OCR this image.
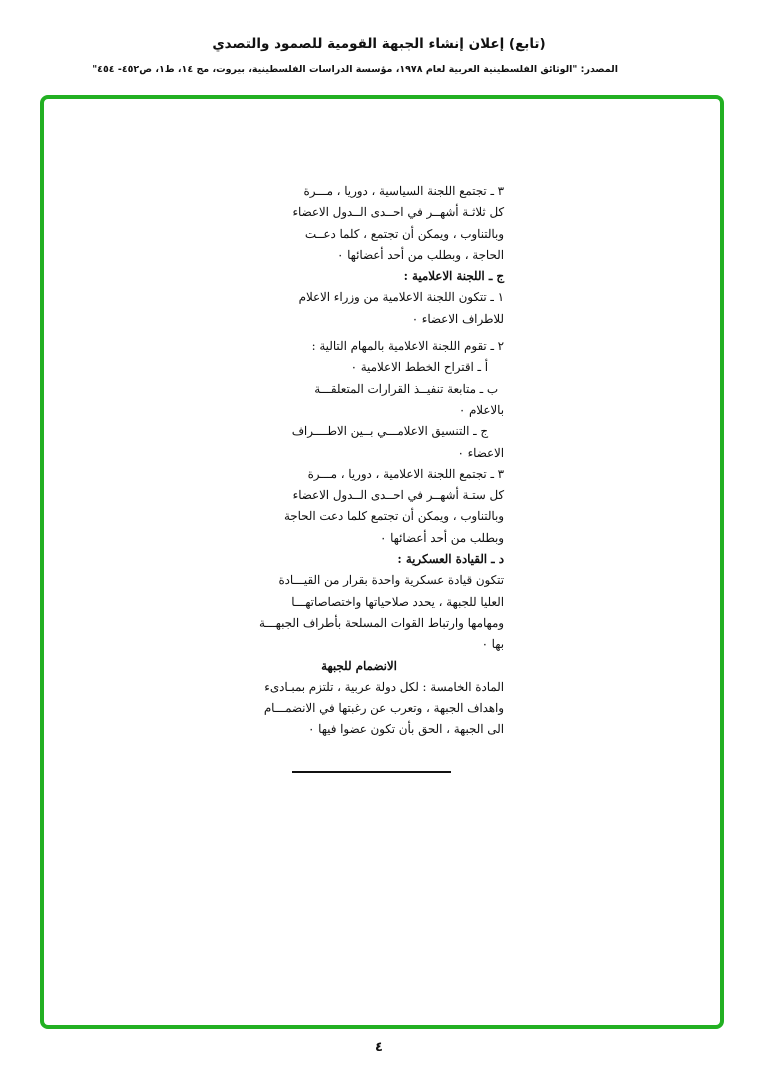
(تابع) إعلان إنشاء الجبهة القومية للصمود والتصدي
المصدر: "الوثائق الفلسطينية العربية لعام ١٩٧٨، مؤسسة الدراسات الفلسطينية، بيروت، مج ١٤، ط١، ص٤٥٢- ٤٥٤"
٣ ـ تجتمع اللجنة السياسية ، دوريا ، مـــرة
كل ثلاثـة أشهــر في احــدى الــدول الاعضاء
وبالتناوب ، ويمكن أن تجتمع ، كلما دعــت
الحاجة ، وبطلب من أحد أعضائها ٠
ج ـ اللجنة الاعلامية :
١ ـ تتكون اللجنة الاعلامية من وزراء الاعلام
للاطراف الاعضاء ٠
٢ ـ تقوم اللجنة الاعلامية بالمهام التالية :
أ ـ اقتراح الخطط الاعلامية ٠
ب ـ متابعة تنفيــذ القرارات المتعلقـــة
بالاعلام ٠
ج ـ التنسيق الاعلامـــي بــين الاطــــراف
الاعضاء ٠
٣ ـ تجتمع اللجنة الاعلامية ، دوريا ، مـــرة
كل ستـة أشهــر في احــدى الــدول الاعضاء
وبالتناوب ، ويمكن أن تجتمع كلما دعت الحاجة
وبطلب من أحد أعضائها ٠
د ـ القيادة العسكرية :
تتكون قيادة عسكرية واحدة بقرار من القيـــادة
العليا للجبهة ، يحدد صلاحياتها واختصاصاتهـــا
ومهامها وارتباط القوات المسلحة بأطراف الجبهـــة
بها ٠
الانضمام للجبهة
المادة الخامسة : لكل دولة عربية ، تلتزم بمبـادىء
واهداف الجبهة ، وتعرب عن رغبتها في الانضمـــام
الى الجبهة ، الحق بأن تكون عضوا فيها ٠
٤
